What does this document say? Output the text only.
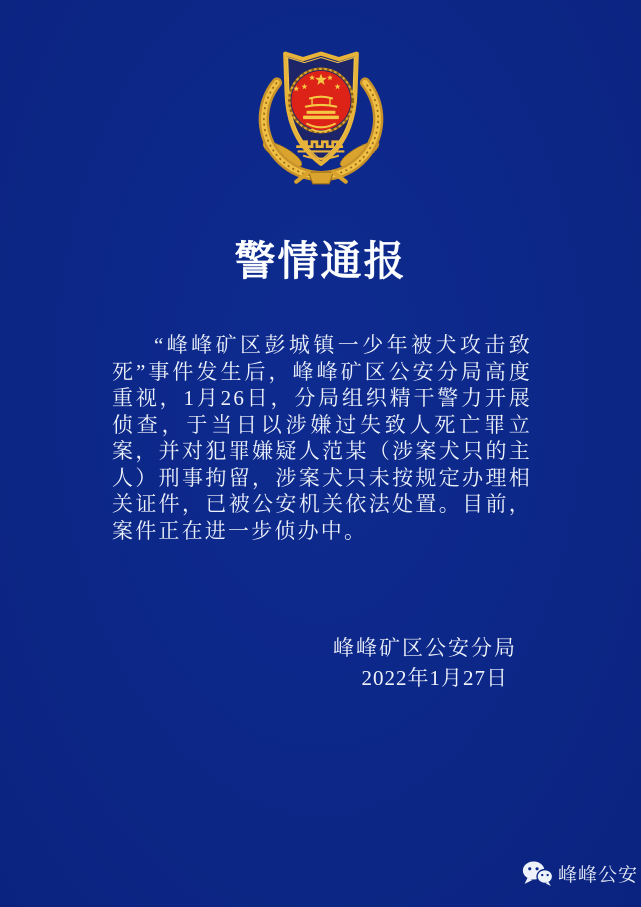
警情通报
“峰峰矿区彭城镇一少年被犬攻击致死”事件发生后，峰峰矿区公安分局高度重视，1月26日，分局组织精干警力开展侦查，于当日以涉嫌过失致人死亡罪立案，并对犯罪嫌疑人范某（涉案犬只的主人）刑事拘留，涉案犬只未按规定办理相关证件，已被公安机关依法处置。目前，案件正在进一步侦办中。
峰峰矿区公安分局
2022年1月27日
峰峰公安
